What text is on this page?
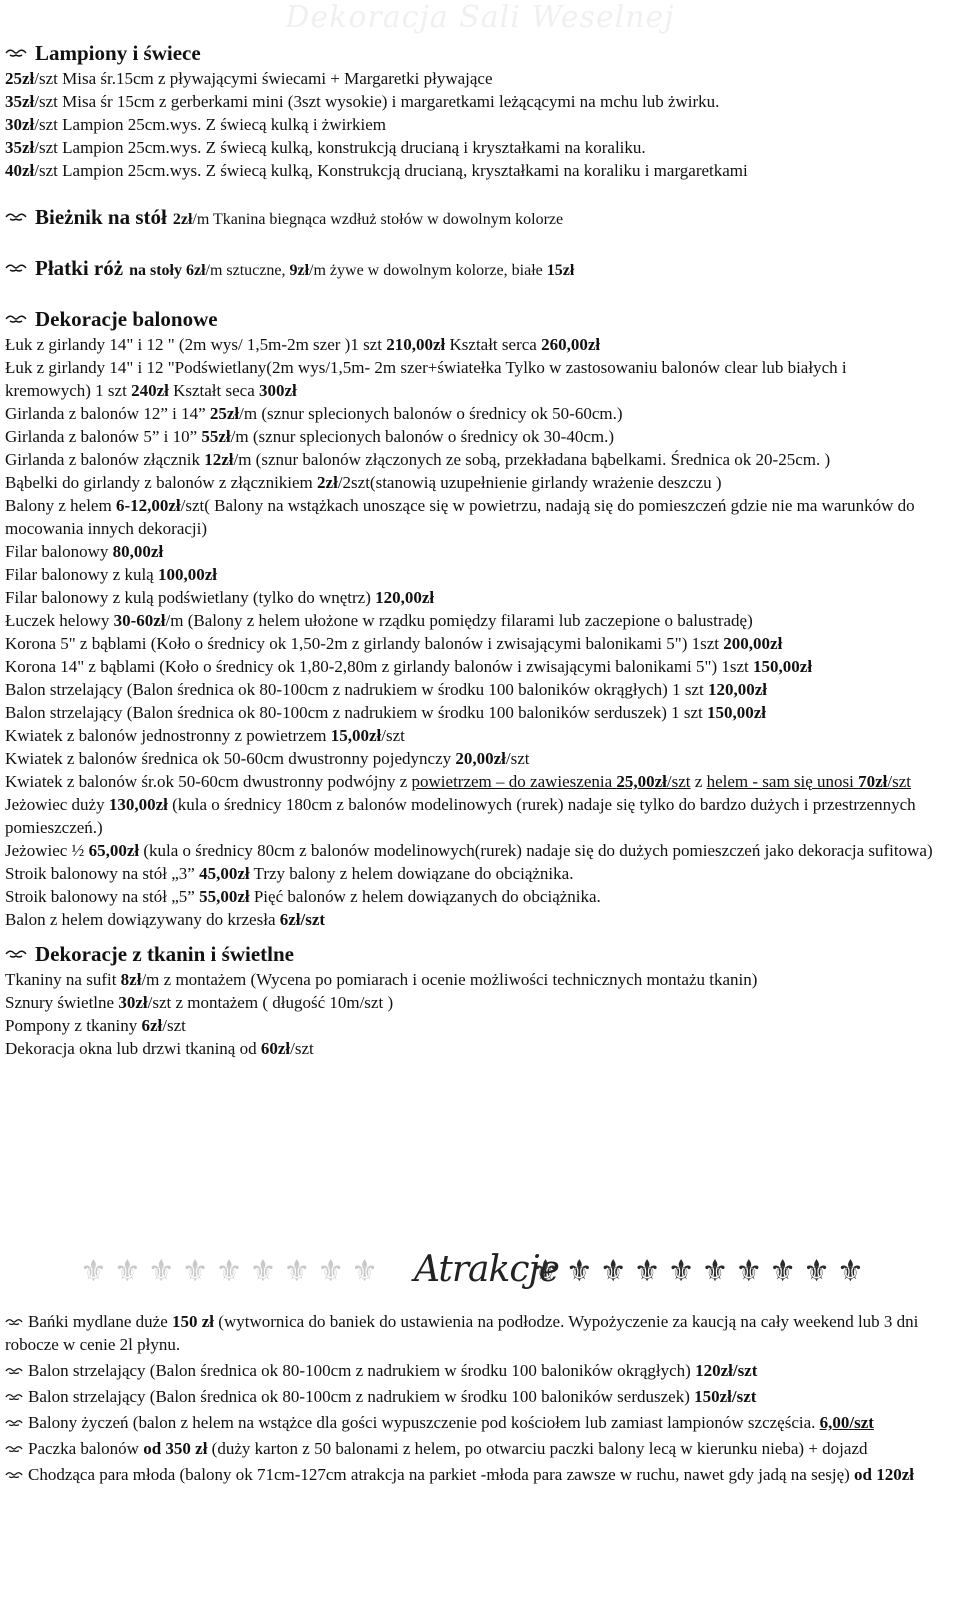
Dekoracja Sali Weselnej
Lampiony i świece
25zł/szt Misa śr.15cm z pływającymi świecami + Margaretki pływające
35zł/szt Misa śr 15cm z gerberkami mini (3szt wysokie) i margaretkami leżącącymi na mchu lub żwirku.
30zł/szt Lampion 25cm.wys. Z świecą kulką i żwirkiem
35zł/szt Lampion 25cm.wys. Z świecą kulką, konstrukcją drucianą i kryształkami na koraliku.
40zł/szt Lampion 25cm.wys. Z świecą kulką, Konstrukcją drucianą, kryształkami na koraliku i margaretkami
Bieżnik na stół 2zł/m Tkanina biegnąca wzdłuż stołów w dowolnym kolorze
Płatki róż na stoły 6zł/m sztuczne, 9zł/m żywe w dowolnym kolorze, białe 15zł
Dekoracje balonowe
Łuk z girlandy 14" i 12 " (2m wys/ 1,5m-2m szer )1 szt 210,00zł Kształt serca 260,00zł
Łuk z girlandy 14" i 12 "Podświetlany(2m wys/1,5m- 2m szer+światełka Tylko w zastosowaniu balonów clear lub białych i kremowych) 1 szt 240zł Kształt seca 300zł
Girlanda z balonów 12” i 14” 25zł/m (sznur splecionych balonów o średnicy ok 50-60cm.)
Girlanda z balonów 5” i 10” 55zł/m (sznur splecionych balonów o średnicy ok 30-40cm.)
Girlanda z balonów złącznik 12zł/m (sznur balonów złączonych ze sobą, przekładana bąbelkami. Średnica ok 20-25cm. )
Bąbelki do girlandy z balonów z złącznikiem 2zł/2szt(stanowią uzupełnienie girlandy wrażenie deszczu )
Balony z helem 6-12,00zł/szt( Balony na wstążkach unoszące się w powietrzu, nadają się do pomieszczeń gdzie nie ma warunków do mocowania innych dekoracji)
Filar balonowy 80,00zł
Filar balonowy z kulą 100,00zł
Filar balonowy z kulą podświetlany (tylko do wnętrz) 120,00zł
Łuczek helowy 30-60zł/m (Balony z helem ułożone w rządku pomiędzy filarami lub zaczepione o balustradę)
Korona 5" z bąblami (Koło o średnicy ok 1,50-2m z girlandy balonów i zwisającymi balonikami 5") 1szt 200,00zł
Korona 14" z bąblami (Koło o średnicy ok 1,80-2,80m z girlandy balonów i zwisającymi balonikami 5") 1szt 150,00zł
Balon strzelający (Balon średnica ok 80-100cm z nadrukiem w środku 100 baloników okrągłych) 1 szt 120,00zł
Balon strzelający (Balon średnica ok 80-100cm z nadrukiem w środku 100 baloników serduszek) 1 szt 150,00zł
Kwiatek z balonów jednostronny z powietrzem 15,00zł/szt
Kwiatek z balonów średnica ok 50-60cm dwustronny pojedynczy 20,00zł/szt
Kwiatek z balonów śr.ok 50-60cm dwustronny podwójny z powietrzem – do zawieszenia 25,00zł/szt z helem - sam się unosi 70zł/szt
Jeżowiec duży 130,00zł (kula o średnicy 180cm z balonów modelinowych (rurek) nadaje się tylko do bardzo dużych i przestrzennych pomieszczeń.)
Jeżowiec ½ 65,00zł (kula o średnicy 80cm z balonów modelinowych(rurek) nadaje się do dużych pomieszczeń jako dekoracja sufitowa)
Stroik balonowy na stół „3” 45,00zł Trzy balony z helem dowiązane do obciążnika.
Stroik balonowy na stół „5” 55,00zł Pięć balonów z helem dowiązanych do obciążnika.
Balon z helem dowiązywany do krzesła 6zł/szt
Dekoracje z tkanin i świetlne
Tkaniny na sufit 8zł/m z montażem (Wycena po pomiarach i ocenie możliwości technicznych montażu tkanin)
Sznury świetlne 30zł/szt z montażem ( długość 10m/szt )
Pompony z tkaniny 6zł/szt
Dekoracja okna lub drzwi tkaniną od 60zł/szt
⚜⚜⚜⚜⚜⚜⚜⚜⚜ Atrakcje
⚜⚜⚜⚜⚜⚜⚜⚜⚜⚜
Bańki mydlane duże 150 zł (wytwornica do baniek do ustawienia na podłodze. Wypożyczenie za kaucją na cały weekend lub 3 dni robocze w cenie 2l płynu.
Balon strzelający (Balon średnica ok 80-100cm z nadrukiem w środku 100 baloników okrągłych) 120zł/szt
Balon strzelający (Balon średnica ok 80-100cm z nadrukiem w środku 100 baloników serduszek) 150zł/szt
Balony życzeń (balon z helem na wstążce dla gości wypuszczenie pod kościołem lub zamiast lampionów szczęścia. 6,00/szt
Paczka balonów od 350 zł (duży karton z 50 balonami z helem, po otwarciu paczki balony lecą w kierunku nieba) + dojazd
Chodząca para młoda (balony ok 71cm-127cm atrakcja na parkiet -młoda para zawsze w ruchu, nawet gdy jadą na sesję) od 120zł
